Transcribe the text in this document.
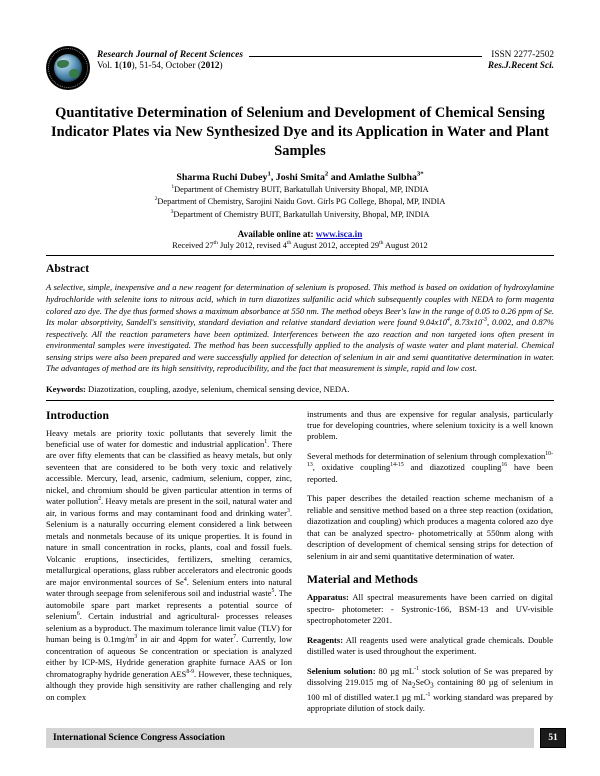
Research Journal of Recent Sciences
Vol. 1(10), 51-54, October (2012)
ISSN 2277-2502
Res.J.Recent Sci.
Quantitative Determination of Selenium and Development of Chemical Sensing Indicator Plates via New Synthesized Dye and its Application in Water and Plant Samples
Sharma Ruchi Dubey$^1$, Joshi Smita$^2$ and Amlathe Sulbha$^{3*}$
$^1$Department of Chemistry BUIT, Barkatullah University Bhopal, MP, INDIA
$^2$Department of Chemistry, Sarojini Naidu Govt. Girls PG College, Bhopal, MP, INDIA
$^3$Department of Chemistry BUIT, Barkatullah University, Bhopal, MP, INDIA
Available online at: www.isca.in
Received 27th July 2012, revised 4th August 2012, accepted 29th August 2012
Abstract
A selective, simple, inexpensive and a new reagent for determination of selenium is proposed. This method is based on oxidation of hydroxylamine hydrochloride with selenite ions to nitrous acid, which in turn diazotizes sulfanilic acid which subsequently couples with NEDA to form magenta colored azo dye. The dye thus formed shows a maximum absorbance at 550 nm. The method obeys Beer's law in the range of 0.05 to 0.26 ppm of Se. Its molar absorptivity, Sandell's sensitivity, standard deviation and relative standard deviation were found $9.04x10^4$, $8.73x10^{-3}$, 0.002, and 0.87% respectively. All the reaction parameters have been optimized. Interferences between the azo reaction and non targeted ions often present in environmental samples were investigated. The method has been successfully applied to the analysis of waste water and plant material. Chemical sensing strips were also been prepared and were successfully applied for detection of selenium in air and semi quantitative determination in water. The advantages of method are its high sensitivity, reproducibility, and the fact that measurement is simple, rapid and low cost.
Keywords: Diazotization, coupling, azodye, selenium, chemical sensing device, NEDA.
Introduction

Heavy metals are priority toxic pollutants that severely limit the beneficial use of water for domestic and industrial application$^1$. There are over fifty elements that can be classified as heavy metals, but only seventeen that are considered to be both very toxic and relatively accessible. Mercury, lead, arsenic, cadmium, selenium, copper, zinc, nickel, and chromium should be given particular attention in terms of water pollution$^2$. Heavy metals are present in the soil, natural water and air, in various forms and may contaminant food and drinking water$^3$. Selenium is a naturally occurring element considered a link between metals and nonmetals because of its unique properties. It is found in nature in small concentration in rocks, plants, coal and fossil fuels. Volcanic eruptions, insecticides, fertilizers, smelting ceramics, metallurgical operations, glass rubber accelerators and electronic goods are major environmental sources of Se$^4$. Selenium enters into natural water through seepage from seleniferous soil and industrial waste$^5$. The automobile spare part market represents a potential source of selenium$^6$. Certain industrial and agricultural- processes releases selenium as a byproduct. The maximum tolerance limit value (TLV) for human being is $0.1mg/m^3$ in air and 4ppm for water$^7$. Currently, low concentration of aqueous Se concentration or speciation is analyzed either by ICP-MS, Hydride generation graphite furnace AAS or Ion chromatography hydride generation AES$^{8-9}$. However, these techniques, although they provide high sensitivity are rather challenging and rely on complex

instruments and thus are expensive for regular analysis, particularly true for developing countries, where selenium toxicity is a well known problem.

Several methods for determination of selenium through complexation$^{10-13}$, oxidative coupling$^{14-15}$ and diazotized coupling$^{16}$ have been reported.

This paper describes the detailed reaction scheme mechanism of a reliable and sensitive method based on a three step reaction (oxidation, diazotization and coupling) which produces a magenta colored azo dye that can be analyzed spectro- photometrically at 550nm along with description of development of chemical sensing strips for detection of selenium in air and semi quantitative determination of water.

Material and Methods

Apparatus: All spectral measurements have been carried on digital spectro- photometer: - Systronic-166, BSM-13 and UV-visible spectrophotometer 2201.

Reagents: All reagents used were analytical grade chemicals. Double distilled water is used throughout the experiment.

Selenium solution: 80 µg $mL^{-1}$ stock solution of Se was prepared by dissolving 219.015 mg of $Na_2SeO_3$ containing 80 µg of selenium in 100 ml of distilled water.1 µg $mL^{-1}$ working standard was prepared by appropriate dilution of stock daily.

International Science Congress Association	51
